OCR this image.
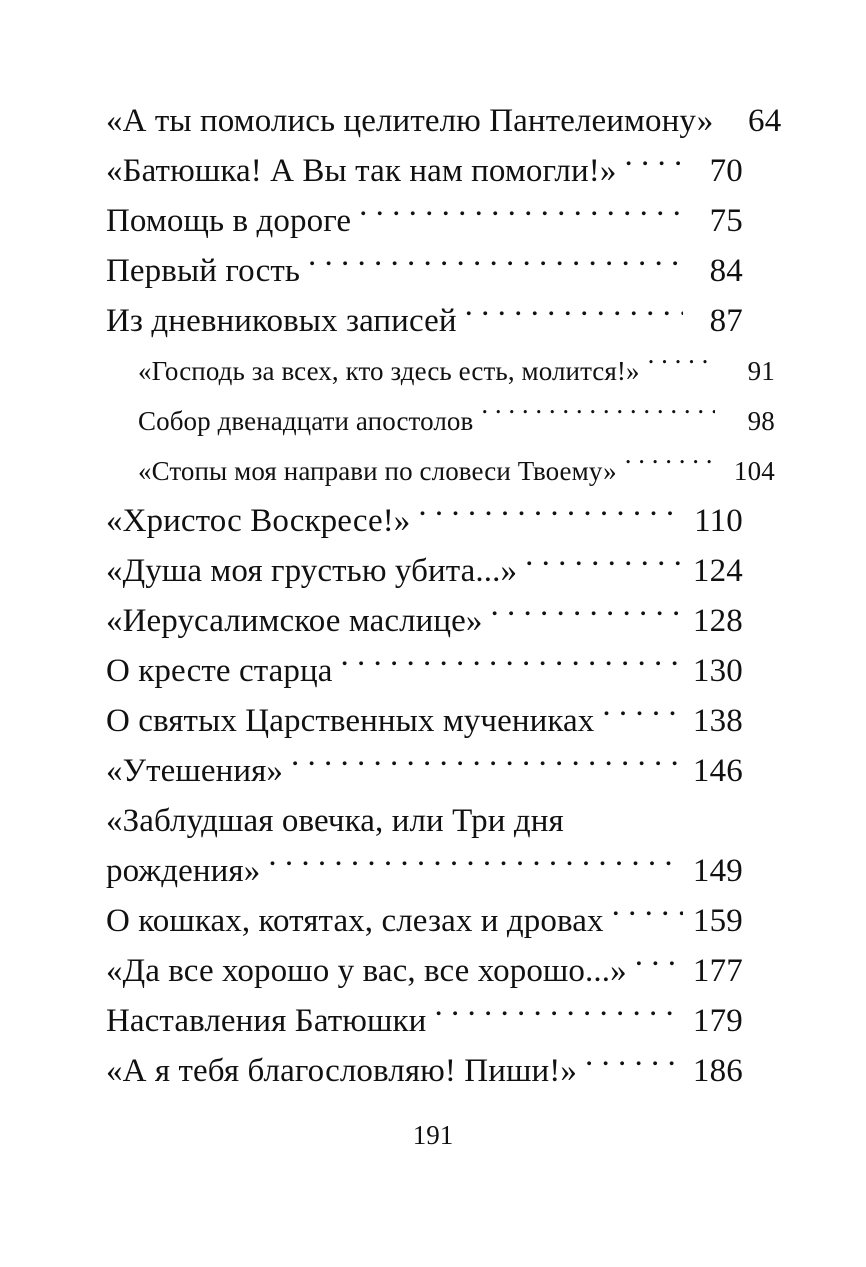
«А ты помолись целителю Пантелеимону»	64
«Батюшка! А Вы так нам помогли!» . . .	70
Помощь в дороге . . .	75
Первый гость . . .	84
Из дневниковых записей . . .	87
«Господь за всех, кто здесь есть, молится!» . . .	91
Собор двенадцати апостолов . . .	98
«Стопы моя направи по словеси Твоему» . . .	104
«Христос Воскресе!» . . .	110
«Душа моя грустью убита...» . . .	124
«Иерусалимское маслице» . . .	128
О кресте старца . . .	130
О святых Царственных мучениках . . .	138
«Утешения» . . .	146
«Заблудшая овечка, или Три дня
рождения» . . .	149
О кошках, котятах, слезах и дровах . . .	159
«Да все хорошо у вас, все хорошо...» . . . 177
Наставления Батюшки . . .	179
«А я тебя благословляю! Пиши!» . . .	186
191
